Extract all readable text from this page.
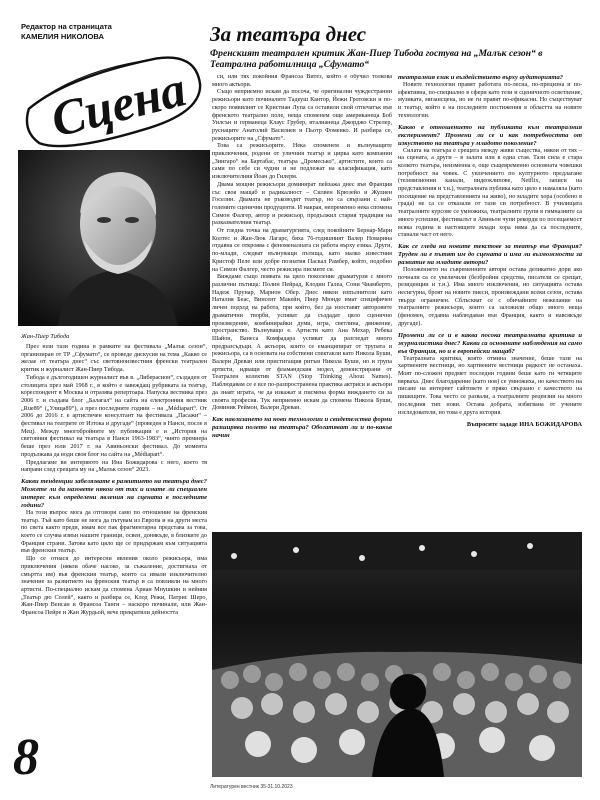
Редактор на страницата
КАМЕЛИЯ НИКОЛОВА
Сцена
Жан-Пиер Тибода
За театъра днес
Френският театрален критик Жан-Пиер Тибода гостува на „Малък сезон“ в Театрална работилница „Сфумато“

През юли тази година в рамките на фестивала „Малък сезон“, организиран от ТР „Сфумато“, се проведе дискусия на тема „Какво се желае от театъра днес“ със световноизвестния френски театрален критик и журналист Жан-Пиер Тибода.

Тибода е дългогодишен журналист във в. „Либерасион“, създаден от столицата през май 1968 г., в който е завеждащ рубриката за театър, кореспондент в Москва и отразява репертоара. Напуска вестника през 2006 г. и създава блог „Балагал“ на сайта на електронния вестник „Rue89“ („Улица89“), а през последните години – на „Médiapart“. От 2006 до 2016 г. е артистичен консултант на фестивала „Пасажи“ – фестивал на театрите от Изтока и другаде“ (проведен в Нанси, после в Мец). Между многобройните му публикации е и „История на световния фестивал на театъра в Нанси 1963-1983“, чиято премиера беше през юли 2017 г. на Авиньонски фестивал. До момента продължава да води своя блог на сайта на „Médiapart“.

Предлагаме ви интервюто на Ина Божидарова с него, което тя направи след срещата му на „Малък сезон“ 2023.

Какви тенденции забелязвате в развитието на театъра днес? Можете ли да назовете някои от тях и имате ли специален интерес към определени явления на сцената в последните години?

На този въпрос мога да отговоря само по отношение на френския театър. Тъй като беше не мога да пътувам из Европа и на други места по света както преди, имам все пак фрагментарна представа за това, което се случва извън нашите граници, освен, донякъде, в близките до Франция страни. Затова като цяло ще се придържам към ситуацията във френския театър.

Що се отнася до интересни явления около режисьора, има приключения (някои обаче насоко, за съжаление, достигнаха от смъртта им) във френския театър, които са имали изключително значение за развитието на френския театър и са повлияли на много артисти. По-специално искам да спомена Ариан Мнушкин и нейния „Театър дю Солей“, както и разбира се, Клод Режи, Патрис Шеро, Жан-Пиер Венсан и Франсоа Танги – наскоро починали, или Жан-Франсоа Пейре и Жан Журдьой, вече прекратили дейността

си, или тях покойния Франсоа Витез, който е обучил толкова много актьори.

Също неприемно искам да посоча, че оригинални чуждестранни режисьори като починалите Тадеуш Кантор, Йежи Гротовски и по-скоро появилият се Кристиан Лупа са оставили свой отпечатък във френското театрално поле, неща споменем още американеца Боб Уилсън и германеца Клаус Грубер, италианеца Джорджо Стрелер, руснаците Анатолий Василиев и Пьотр Фоменко. И разбира се, режисьорите на „Сфумато“.

Това са режисьорите. Нека споменем и вълнуващите приключения, родени от уличния театър и цирка като компании „Зингаро“ на Бартабас, театъра „Дромесько“, артистите, които са сами по себе си чудни и не подлежат на класификация, като изключителния Йоан до Гилерм.

Двама мощни режисьори доминират пейзажа днес във Франция със своя мащаб и радикалност – Силвен Крюзейо и Жулиен Госелин. Двамата не ръководят театър, но са свързани с най-големите сценични продуценти. И накрая, непременно нека спомена Симон Фалгер, автор и режисьор, продължил стария традиция на разказвателния театър.

От гледна точка на драматургията, след покойните Бернар-Мари Колтес и Жан-Люк Лагарс, бяха 76-годишният Валер Новарина отдавна се откроява с феноменалната си работа върху езика. Други, по-млади, следват вълнуващи пътища, като малко известния Кристоф Пеле или добре познатия Паскал Рамбер, който, подобно на Симон Фалгер, често режисира писмите си.

Виждаме също появата на цяло поколение драматурзи с много различни пътища: Полин Пейрад, Клодин Галеа, Сони Чиамберто, Надеж Прунар, Марион Обер. Днес някои изпълнители като Наталия Беас, Винсент Макейн, Пиер Мюнде имат специфичен личен подход на работа, при който, без да изоставят авторовите драматични творби, успяват да създадат цяло сценично произведение, комбинирайки думи, игра, светлина, движение, пространство. Вълнуващо е. Артисти като Ана Мехар, Ребека Шайон, Ванеса Комфадара успяват да разгледат много предразсъдъци. А актьори, които се еманципират от трупата и режисьора, са в основата на собствени спектакли като Никола Буши, Валери Древан или пристигащия ритъм Никола Буши, но и група артисти, идващи от фламандския модел, демонстрирани от Театрален колектив STAN (Stop Thinking About Names). Наблюдавам се е все по-разпространена практика актриси и актьори да знаят играта, че да изкажат и писмена форма виждането си за своята професия. Тук неприемно искам да спомена Никола Буши, Доминик Реймон, Валери Древан.

Как навлизането на нови технологии и свидетелства форми разширява полето на театъра? Обогатяват ли и по-какъв начин

театралния език и въздействието върху аудиторията?

Новите технологии правят работата по-лесна, по-прецизна и по-ефективна, по-специално в сфери като тези и сценичното осветление, музиката, мизансцена, но не ги правят по-ефикасни. Но съществуват и театър, който е на последните постижения в областта на новите технологии.

Какво е отношението на публиката към театралния експеримент? Промени ли се и как потребността от изкуството на театъра у младото поколение?

Силата на театъра е срещата между живи същества, някои от тях – на сцената, а други – в залата или в една стая. Тази сила е стара колкото театъра, неизменна е, още същевременно основната човешки потребност на човек. С увлечението по културното предлагане (телевизионни канали, видеоклипове, Netflix, записи на представления и т.н.), театралната публика като цяло е намаляла (като посещение на представленията на живо), но младите хора (особено в града) не са се отказали от тази си потребност. В училищата театралните курсове се умножиха, театралните групи в гимназиите са много успешни, фестивалът в Авиньон чупи рекорди по посещаемост всяка година и настоящите млади хора няма да са последните, станали част от него.

Как се гледа на новите текстове за театър във Франция? Труден ли е пътят им до сцената и има ли възможности за развитие на младите автори?

Положението на съвременните автори остава деликатно дори ако почнали са се увеличили (безбройни средства, писатели се срещат, резиденции и т.н.). Има много изключения, но ситуацията остава несигурна, броят на новите пиеси, произвеждани всеки сезон, остава твърде ограничен. Сблъскват се с обичайните нежелание на театралните режисьори, които са заложили общо много неща (феномен, отдавна наблюдаван във Франция, както и навсякъде другаде).

Промени ли се и в каква посока театралната критика и журналистика днес? Какви са основните наблюдения на само във Франция, но и в европейски мащаб?

Театралната критика, която отмина значение, беше тази на хартиените вестници, но хартиените вестници рядкост не останаха. Моят по-сложен предмет последни години беше като ги четящите вярваха. Днес благодарение (като нов) се умножиха, но качеството на писане на интернет сайтовете е пряко свързано с качеството на пишещите. Това често се развали, а театралните рецензии на много последния тип нови. Остава добрата, избягвана от учените изследователи, но това е друга история.

Въпросите зададе ИНА БОЖИДАРОВА
8
Литературен вестник 35-31.10.2023
